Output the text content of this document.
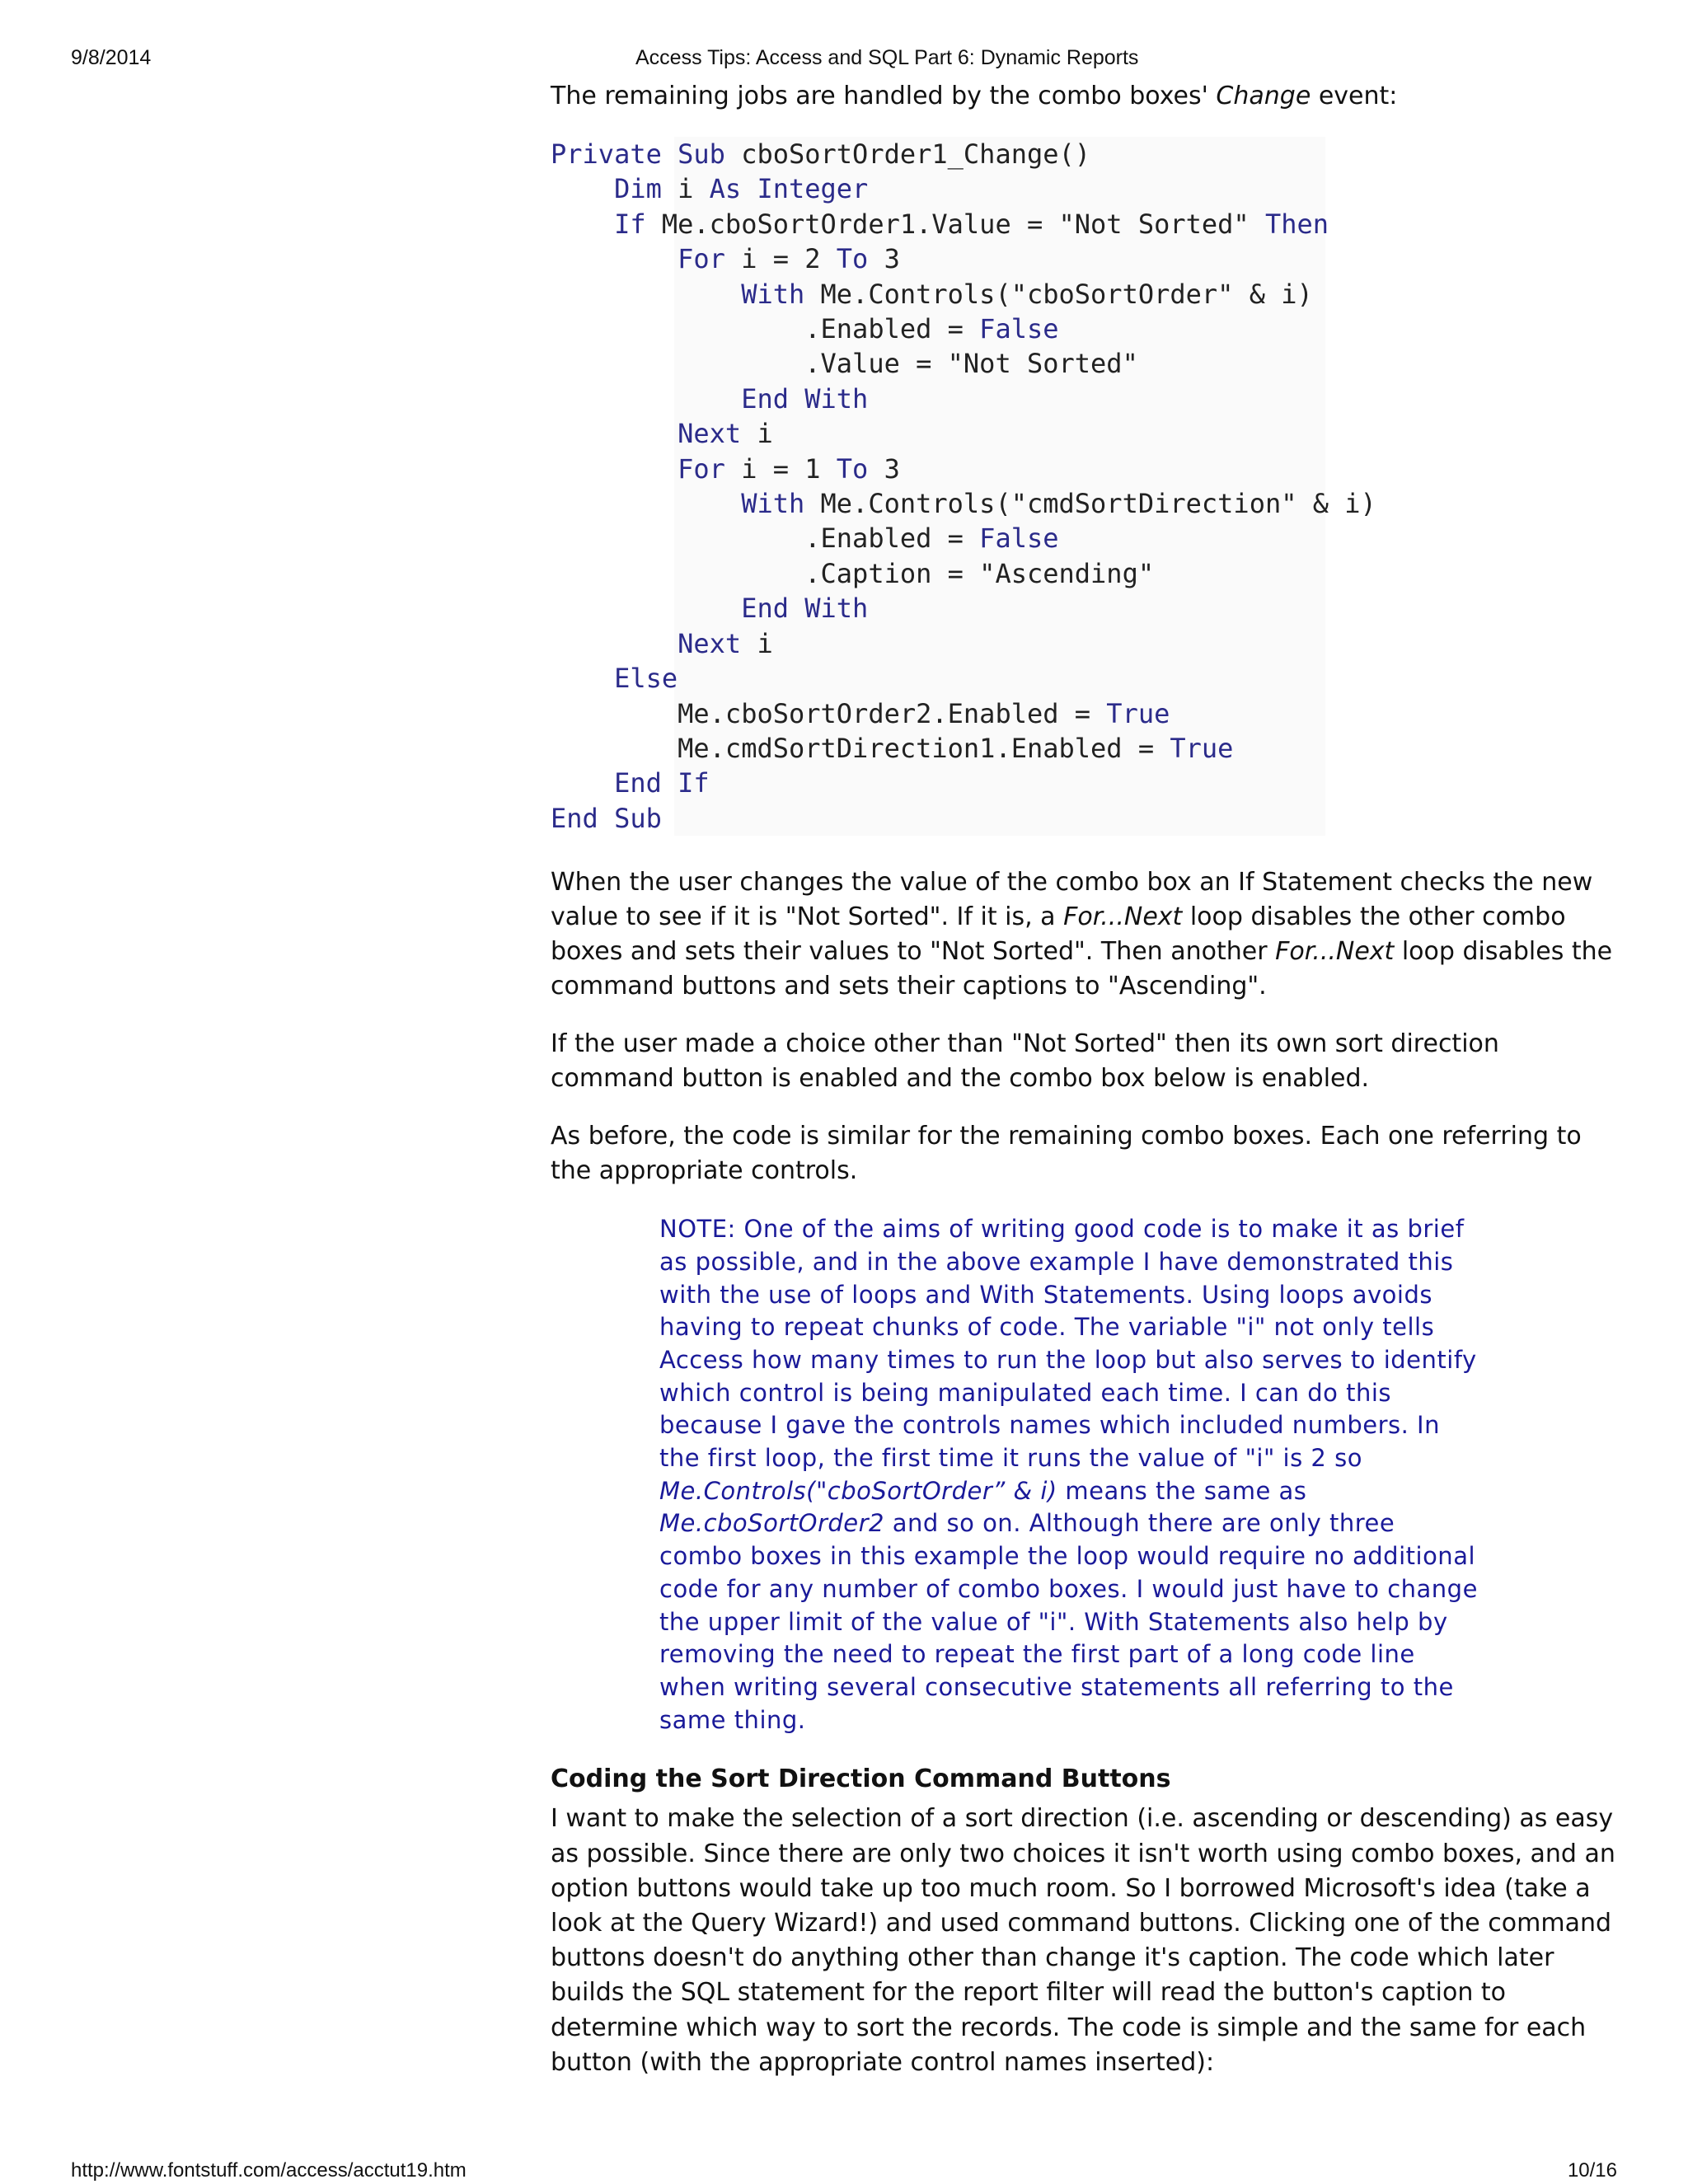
9/8/2014	Access Tips: Access and SQL Part 6: Dynamic Reports

The remaining jobs are handled by the combo boxes' Change event:

Private Sub cboSortOrder1_Change()
Dim i As Integer
If Me.cboSortOrder1.Value = "Not Sorted" Then
For i = 2 To 3
With Me.Controls("cboSortOrder" & i)
.Enabled = False
.Value = "Not Sorted"
End With
Next i
For i = 1 To 3
With Me.Controls("cmdSortDirection" & i)
.Enabled = False
.Caption = "Ascending"
End With
Next i
Else
Me.cboSortOrder2.Enabled = True
Me.cmdSortDirection1.Enabled = True
End If
End Sub

When the user changes the value of the combo box an If Statement checks the new value to see if it is "Not Sorted". If it is, a For...Next loop disables the other combo boxes and sets their values to "Not Sorted". Then another For...Next loop disables the command buttons and sets their captions to "Ascending".

If the user made a choice other than "Not Sorted" then its own sort direction command button is enabled and the combo box below is enabled.

As before, the code is similar for the remaining combo boxes. Each one referring to the appropriate controls.

NOTE: One of the aims of writing good code is to make it as brief as possible, and in the above example I have demonstrated this with the use of loops and With Statements. Using loops avoids having to repeat chunks of code. The variable "i" not only tells Access how many times to run the loop but also serves to identify which control is being manipulated each time. I can do this because I gave the controls names which included numbers. In the first loop, the first time it runs the value of "i" is 2 so Me.Controls("cboSortOrder” & i) means the same as Me.cboSortOrder2 and so on. Although there are only three combo boxes in this example the loop would require no additional code for any number of combo boxes. I would just have to change the upper limit of the value of "i". With Statements also help by removing the need to repeat the first part of a long code line when writing several consecutive statements all referring to the same thing.
Coding the Sort Direction Command Buttons

I want to make the selection of a sort direction (i.e. ascending or descending) as easy as possible. Since there are only two choices it isn't worth using combo boxes, and an option buttons would take up too much room. So I borrowed Microsoft's idea (take a look at the Query Wizard!) and used command buttons. Clicking one of the command buttons doesn't do anything other than change it's caption. The code which later builds the SQL statement for the report filter will read the button's caption to determine which way to sort the records. The code is simple and the same for each button (with the appropriate control names inserted):

http://www.fontstuff.com/access/acctut19.htm	10/16
